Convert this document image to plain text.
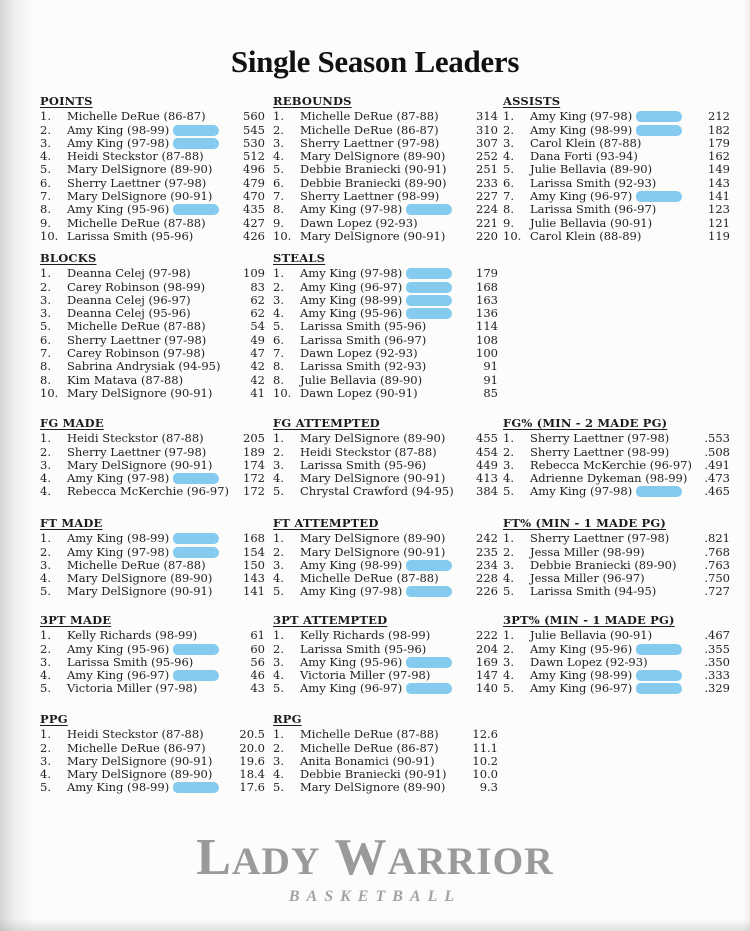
Single Season Leaders
POINTS
1.	Michelle DeRue (86-87)	560
2.	Amy King (98-99)	545
3.	Amy King (97-98)	530
4.	Heidi Steckstor (87-88)	512
5.	Mary DelSignore (89-90)	496
6.	Sherry Laettner (97-98)	479
7.	Mary DelSignore (90-91)	470
8.	Amy King (95-96)	435
9.	Michelle DeRue (87-88)	427
10. Larissa Smith (95-96)	426
REBOUNDS
1.	Michelle DeRue (87-88)	314
2.	Michelle DeRue (86-87)	310
3.	Sherry Laettner (97-98)	307
4.	Mary DelSignore (89-90)	252
5.	Debbie Braniecki (90-91)	251
6.	Debbie Braniecki (89-90)	233
7.	Sherry Laettner (98-99)	227
8.	Amy King (97-98)	224
9.	Dawn Lopez (92-93)	221
10. Mary DelSignore (90-91)	220
ASSISTS
1.	Amy King (97-98)	212
2.	Amy King (98-99)	182
3.	Carol Klein (87-88)	179
4.	Dana Forti (93-94)	162
5.	Julie Bellavia (89-90)	149
6.	Larissa Smith (92-93)	143
7.	Amy King (96-97)	141
8.	Larissa Smith (96-97)	123
9.	Julie Bellavia (90-91)	121
10. Carol Klein (88-89)	119
BLOCKS
1.	Deanna Celej (97-98)	109
2.	Carey Robinson (98-99)	83
3.	Deanna Celej (96-97)	62
3.	Deanna Celej (95-96)	62
5.	Michelle DeRue (87-88)	54
6.	Sherry Laettner (97-98)	49
7.	Carey Robinson (97-98)	47
8.	Sabrina Andrysiak (94-95)	42
8.	Kim Matava (87-88)	42
10. Mary DelSignore (90-91)	41
STEALS
1.	Amy King (97-98)	179
2.	Amy King (96-97)	168
3.	Amy King (98-99)	163
4.	Amy King (95-96)	136
5.	Larissa Smith (95-96)	114
6.	Larissa Smith (96-97)	108
7.	Dawn Lopez (92-93)	100
8.	Larissa Smith (92-93)	91
8.	Julie Bellavia (89-90)	91
10. Dawn Lopez (90-91)	85
FG MADE
1.	Heidi Steckstor (87-88)	205
2.	Sherry Laettner (97-98)	189
3.	Mary DelSignore (90-91)	174
4.	Amy King (97-98)	172
4.	Rebecca McKerchie (96-97)	172
FG ATTEMPTED
1.	Mary DelSignore (89-90)	455
2.	Heidi Steckstor (87-88)	454
3.	Larissa Smith (95-96)	449
4.	Mary DelSignore (90-91)	413
5.	Chrystal Crawford (94-95)	384
FG% (MIN - 2 MADE PG)
1.	Sherry Laettner (97-98)	.553
2.	Sherry Laettner (98-99)	.508
3.	Rebecca McKerchie (96-97)	.491
4.	Adrienne Dykeman (98-99)	.473
5.	Amy King (97-98)	.465
FT MADE
1.	Amy King (98-99)	168
2.	Amy King (97-98)	154
3.	Michelle DeRue (87-88)	150
4.	Mary DelSignore (89-90)	143
5.	Mary DelSignore (90-91)	141
FT ATTEMPTED
1.	Mary DelSignore (89-90)	242
2.	Mary DelSignore (90-91)	235
3.	Amy King (98-99)	234
4.	Michelle DeRue (87-88)	228
5.	Amy King (97-98)	226
FT% (MIN - 1 MADE PG)
1.	Sherry Laettner (97-98)	.821
2.	Jessa Miller (98-99)	.768
3.	Debbie Braniecki (89-90)	.763
4.	Jessa Miller (96-97)	.750
5.	Larissa Smith (94-95)	.727
3PT MADE
1.	Kelly Richards (98-99)	61
2.	Amy King (95-96)	60
3.	Larissa Smith (95-96)	56
4.	Amy King (96-97)	46
5.	Victoria Miller (97-98)	43
3PT ATTEMPTED
1.	Kelly Richards (98-99)	222
2.	Larissa Smith (95-96)	204
3.	Amy King (95-96)	169
4.	Victoria Miller (97-98)	147
5.	Amy King (96-97)	140
3PT% (MIN - 1 MADE PG)
1.	Julie Bellavia (90-91)	.467
2.	Amy King (95-96)	.355
3.	Dawn Lopez (92-93)	.350
4.	Amy King (98-99)	.333
5.	Amy King (96-97)	.329
PPG
1.	Heidi Steckstor (87-88)	20.5
2.	Michelle DeRue (86-97)	20.0
3.	Mary DelSignore (90-91)	19.6
4.	Mary DelSignore (89-90)	18.4
5.	Amy King (98-99)	17.6
RPG
1.	Michelle DeRue (87-88)	12.6
2.	Michelle DeRue (86-87)	11.1
3.	Anita Bonamici (90-91)	10.2
4.	Debbie Braniecki (90-91)	10.0
5.	Mary DelSignore (89-90)	9.3
LADY WARRIOR
BASKETBALL
